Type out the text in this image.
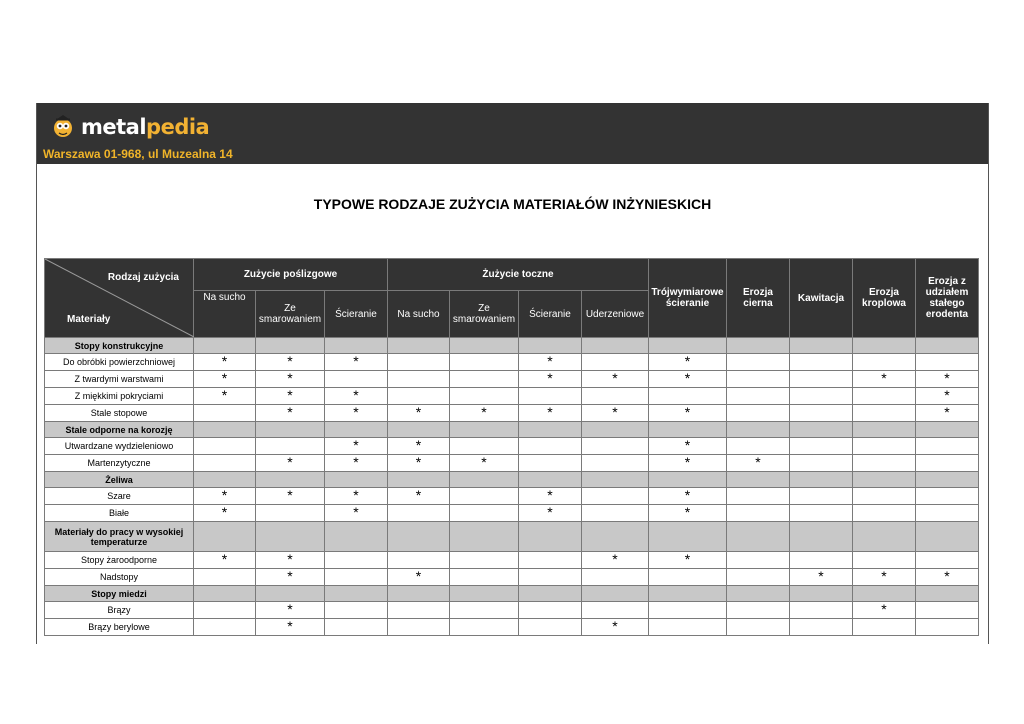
metalpedia
Warszawa 01-968, ul Muzealna 14
TYPOWE RODZAJE ZUŻYCIA MATERIAŁÓW INŻYNIESKICH
Rodzaj zużycia
Materiały	Zużycie poślizgowe			Żużycie toczne				Trójwymiarowe ścieranie	Erozja cierna	Kawitacja	Erozja kroplowa	Erozja z udziałem stałego erodenta
	Na sucho	Ze smarowaniem	Ścieranie	Na sucho	Ze smarowaniem	Ścieranie	Uderzeniowe					
Stopy konstrukcyjne												
Do obróbki powierzchniowej	*	*	*			*		*				
Z twardymi warstwami	*	*				*	*	*			*	*
Z miękkimi pokryciami	*	*	*									*
Stale stopowe		*	*	*	*	*	*	*				*
Stale odporne na korozję												
Utwardzane wydzieleniowo			*	*				*				
Martenzytyczne		*	*	*	*			*	*			
Żeliwa												
Szare	*	*	*	*		*		*				
Białe	*		*			*		*				
Materiały do pracy w wysokiej temperaturze												
Stopy żaroodporne	*	*					*	*				
Nadstopy		*		*						*	*	*
Stopy miedzi												
Brązy		*									*	
Brązy berylowe		*					*					
